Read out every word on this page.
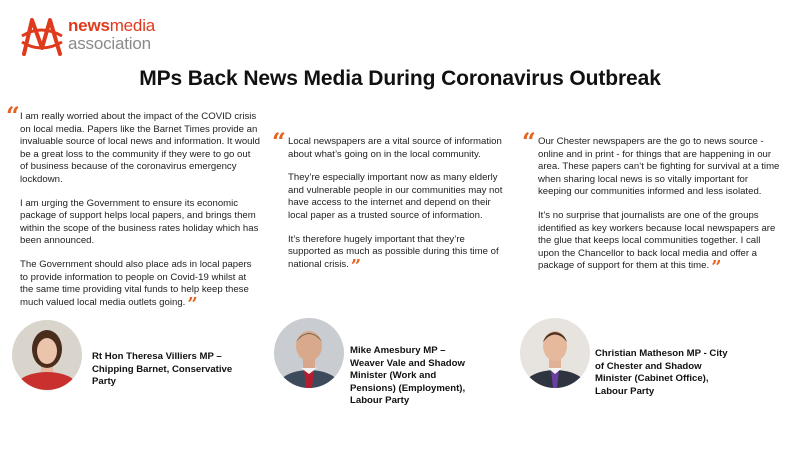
newsmedia
association
MPs Back News Media During Coronavirus Outbreak
“ I am really worried about the impact of the COVID crisis on local media. Papers like the Barnet Times provide an invaluable source of local news and information. It would be a great loss to the community if they were to go out of business because of the coronavirus emergency lockdown.

I am urging the Government to ensure its economic package of support helps local papers, and brings them within the scope of the business rates holiday which has been announced.

The Government should also place ads in local papers to provide information to people on Covid-19 whilst at the same time providing vital funds to help keep these much valued local media outlets going. ”

“ Local newspapers are a vital source of information about what’s going on in the local community.

They’re especially important now as many elderly and vulnerable people in our communities may not have access to the internet and depend on their local paper as a trusted source of information.

It’s therefore hugely important that they’re supported as much as possible during this time of national crisis. ”

“ Our Chester newspapers are the go to news source - online and in print - for things that are happening in our area. These papers can’t be fighting for survival at a time when sharing local news is so vitally important for keeping our communities informed and less isolated.

It’s no surprise that journalists are one of the groups identified as key workers because local newspapers are the glue that keeps local communities together. I call upon the Chancellor to back local media and offer a package of support for them at this time. ”

Rt Hon Theresa Villiers MP – Chipping Barnet, Conservative Party
Mike Amesbury MP – Weaver Vale and Shadow Minister (Work and Pensions) (Employment), Labour Party
Christian Matheson MP - City of Chester and Shadow Minister (Cabinet Office), Labour Party
